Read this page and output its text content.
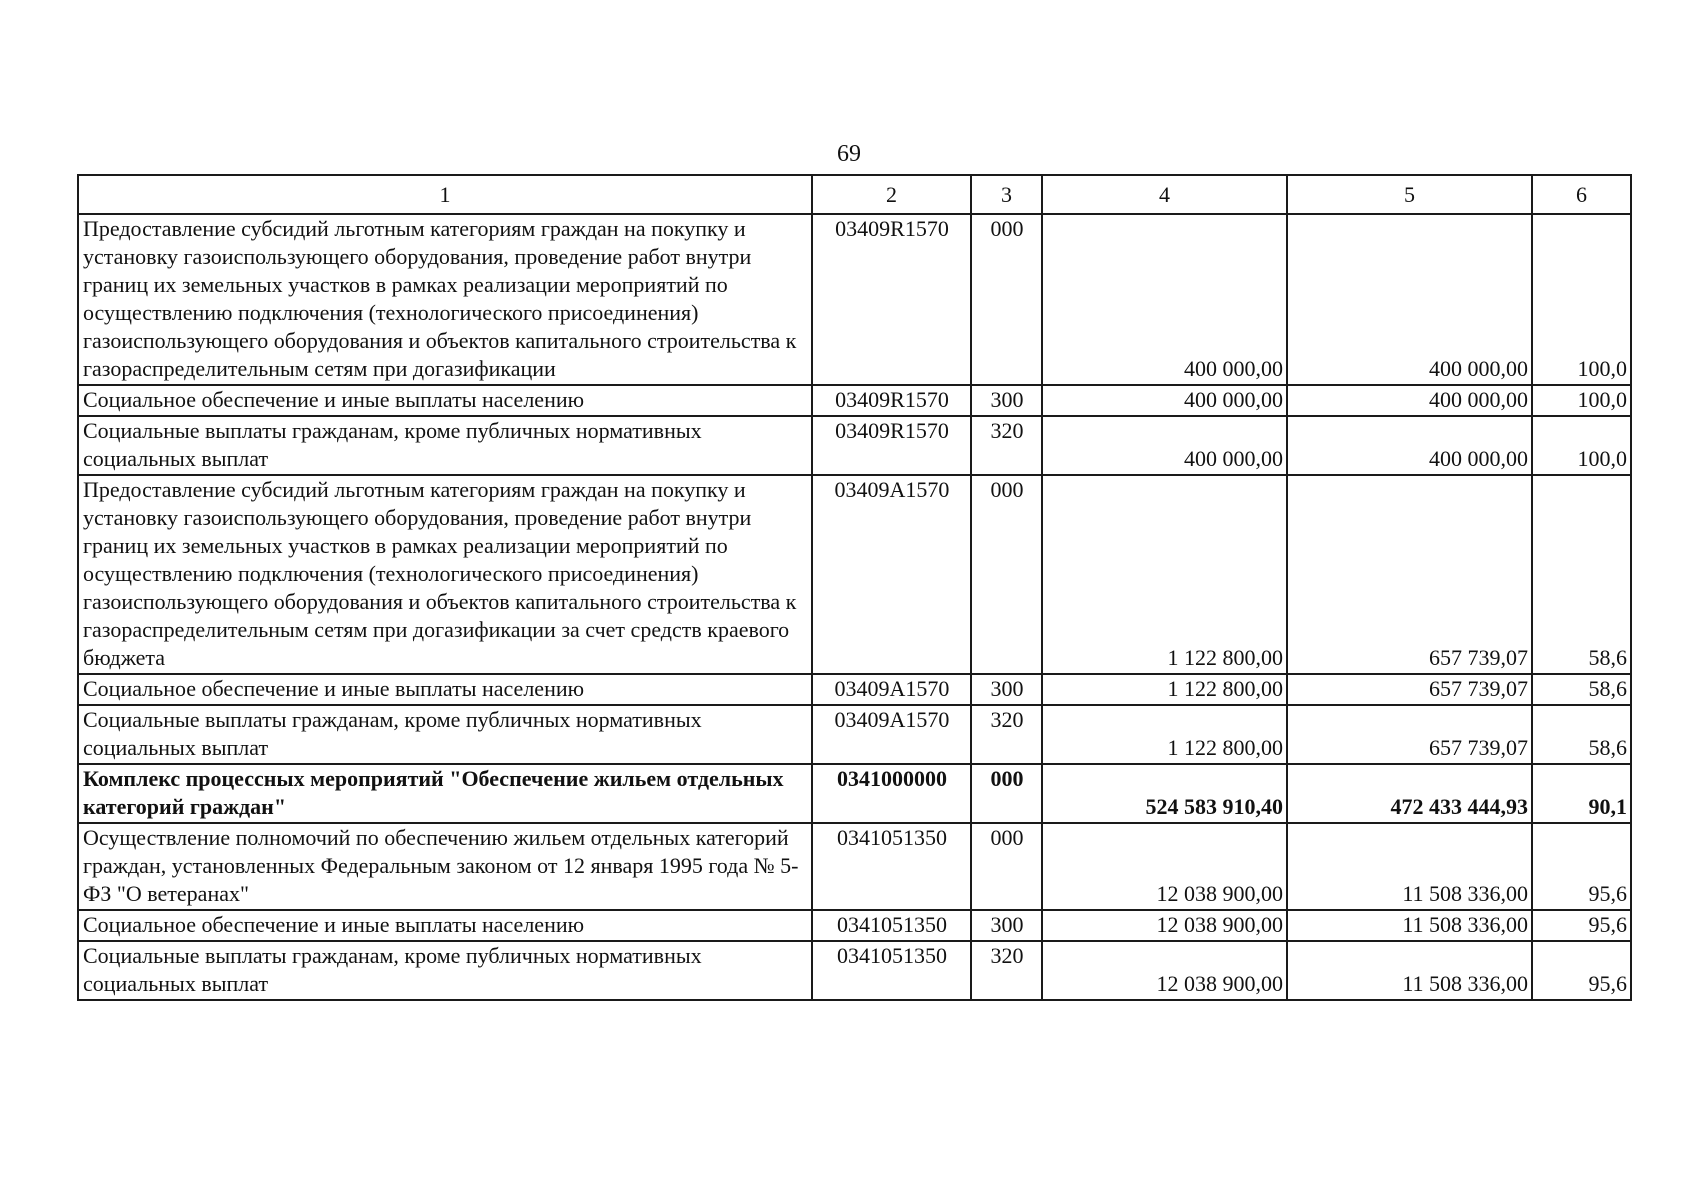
69
1	2	3	4	5	6
Предоставление субсидий льготным категориям граждан на покупку и установку газоиспользующего оборудования, проведение работ внутри границ их земельных участков в рамках реализации мероприятий по осуществлению подключения (технологического присоединения) газоиспользующего оборудования и объектов капитального строительства к газораспределительным сетям при догазификации	03409R1570	000	400 000,00	400 000,00	100,0
Социальное обеспечение и иные выплаты населению	03409R1570	300	400 000,00	400 000,00	100,0
Социальные выплаты гражданам, кроме публичных нормативных социальных выплат	03409R1570	320	400 000,00	400 000,00	100,0
Предоставление субсидий льготным категориям граждан на покупку и установку газоиспользующего оборудования, проведение работ внутри границ их земельных участков в рамках реализации мероприятий по осуществлению подключения (технологического присоединения) газоиспользующего оборудования и объектов капитального строительства к газораспределительным сетям при догазификации за счет средств краевого бюджета	03409A1570	000	1 122 800,00	657 739,07	58,6
Социальное обеспечение и иные выплаты населению	03409A1570	300	1 122 800,00	657 739,07	58,6
Социальные выплаты гражданам, кроме публичных нормативных социальных выплат	03409A1570	320	1 122 800,00	657 739,07	58,6
Комплекс процессных мероприятий "Обеспечение жильем отдельных категорий граждан"	0341000000	000	524 583 910,40	472 433 444,93	90,1
Осуществление полномочий по обеспечению жильем отдельных категорий граждан, установленных Федеральным законом от 12 января 1995 года № 5-ФЗ "О ветеранах"	0341051350	000	12 038 900,00	11 508 336,00	95,6
Социальное обеспечение и иные выплаты населению	0341051350	300	12 038 900,00	11 508 336,00	95,6
Социальные выплаты гражданам, кроме публичных нормативных социальных выплат	0341051350	320	12 038 900,00	11 508 336,00	95,6
